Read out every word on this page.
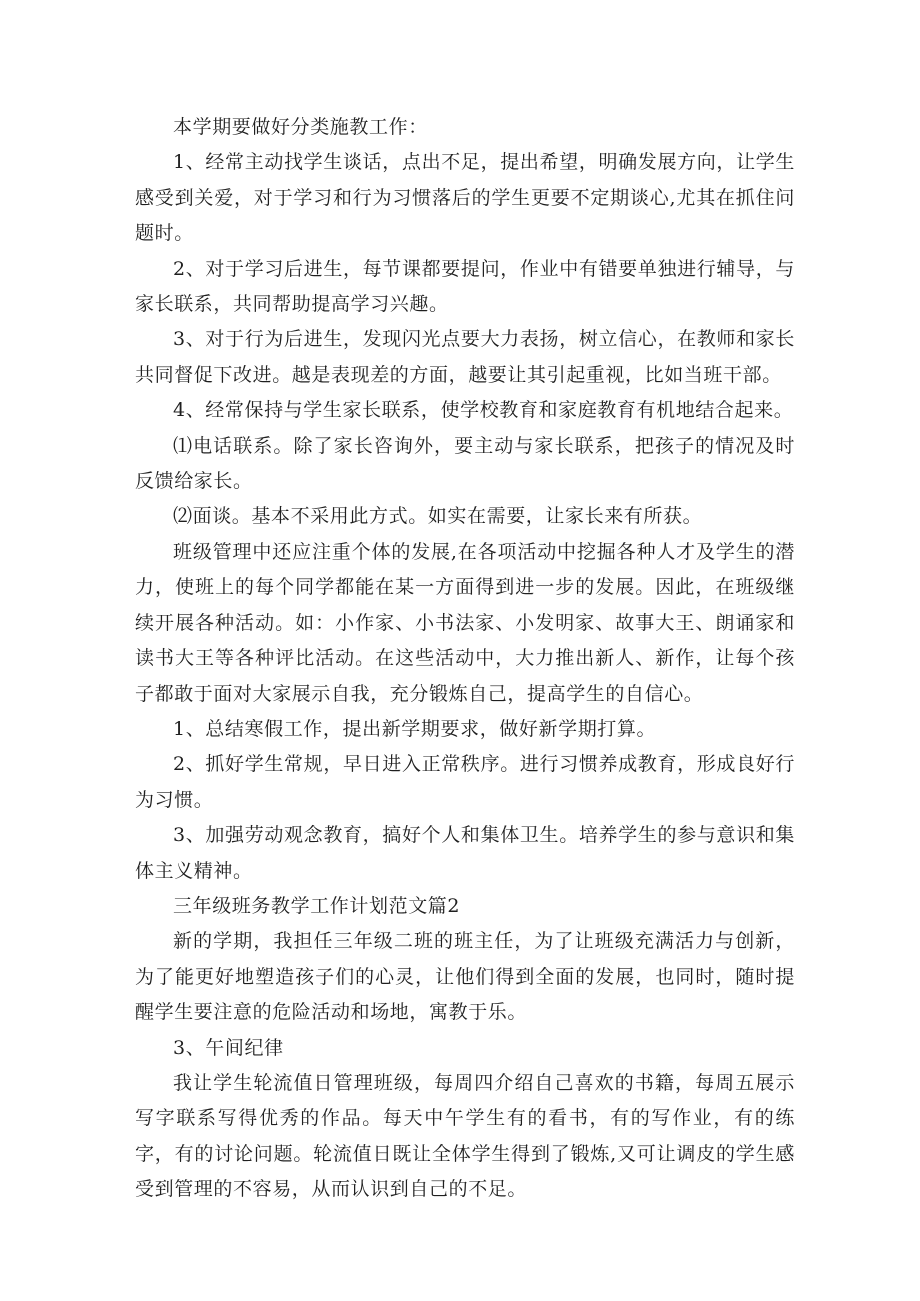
本学期要做好分类施教工作：

1、经常主动找学生谈话，点出不足，提出希望，明确发展方向，让学生感受到关爱，对于学习和行为习惯落后的学生更要不定期谈心,尤其在抓住问题时。

2、对于学习后进生，每节课都要提问，作业中有错要单独进行辅导，与家长联系，共同帮助提高学习兴趣。

3、对于行为后进生，发现闪光点要大力表扬，树立信心，在教师和家长共同督促下改进。越是表现差的方面，越要让其引起重视，比如当班干部。

4、经常保持与学生家长联系，使学校教育和家庭教育有机地结合起来。

⑴电话联系。除了家长咨询外，要主动与家长联系，把孩子的情况及时反馈给家长。

⑵面谈。基本不采用此方式。如实在需要，让家长来有所获。

班级管理中还应注重个体的发展,在各项活动中挖掘各种人才及学生的潜力，使班上的每个同学都能在某一方面得到进一步的发展。因此，在班级继续开展各种活动。如：小作家、小书法家、小发明家、故事大王、朗诵家和读书大王等各种评比活动。在这些活动中，大力推出新人、新作，让每个孩子都敢于面对大家展示自我，充分锻炼自己，提高学生的自信心。

1、总结寒假工作，提出新学期要求，做好新学期打算。

2、抓好学生常规，早日进入正常秩序。进行习惯养成教育，形成良好行为习惯。

3、加强劳动观念教育，搞好个人和集体卫生。培养学生的参与意识和集体主义精神。

三年级班务教学工作计划范文篇2

新的学期，我担任三年级二班的班主任，为了让班级充满活力与创新，为了能更好地塑造孩子们的心灵，让他们得到全面的发展，也同时，随时提醒学生要注意的危险活动和场地，寓教于乐。

3、午间纪律

我让学生轮流值日管理班级，每周四介绍自己喜欢的书籍，每周五展示写字联系写得优秀的作品。每天中午学生有的看书，有的写作业，有的练字，有的讨论问题。轮流值日既让全体学生得到了锻炼,又可让调皮的学生感受到管理的不容易，从而认识到自己的不足。
